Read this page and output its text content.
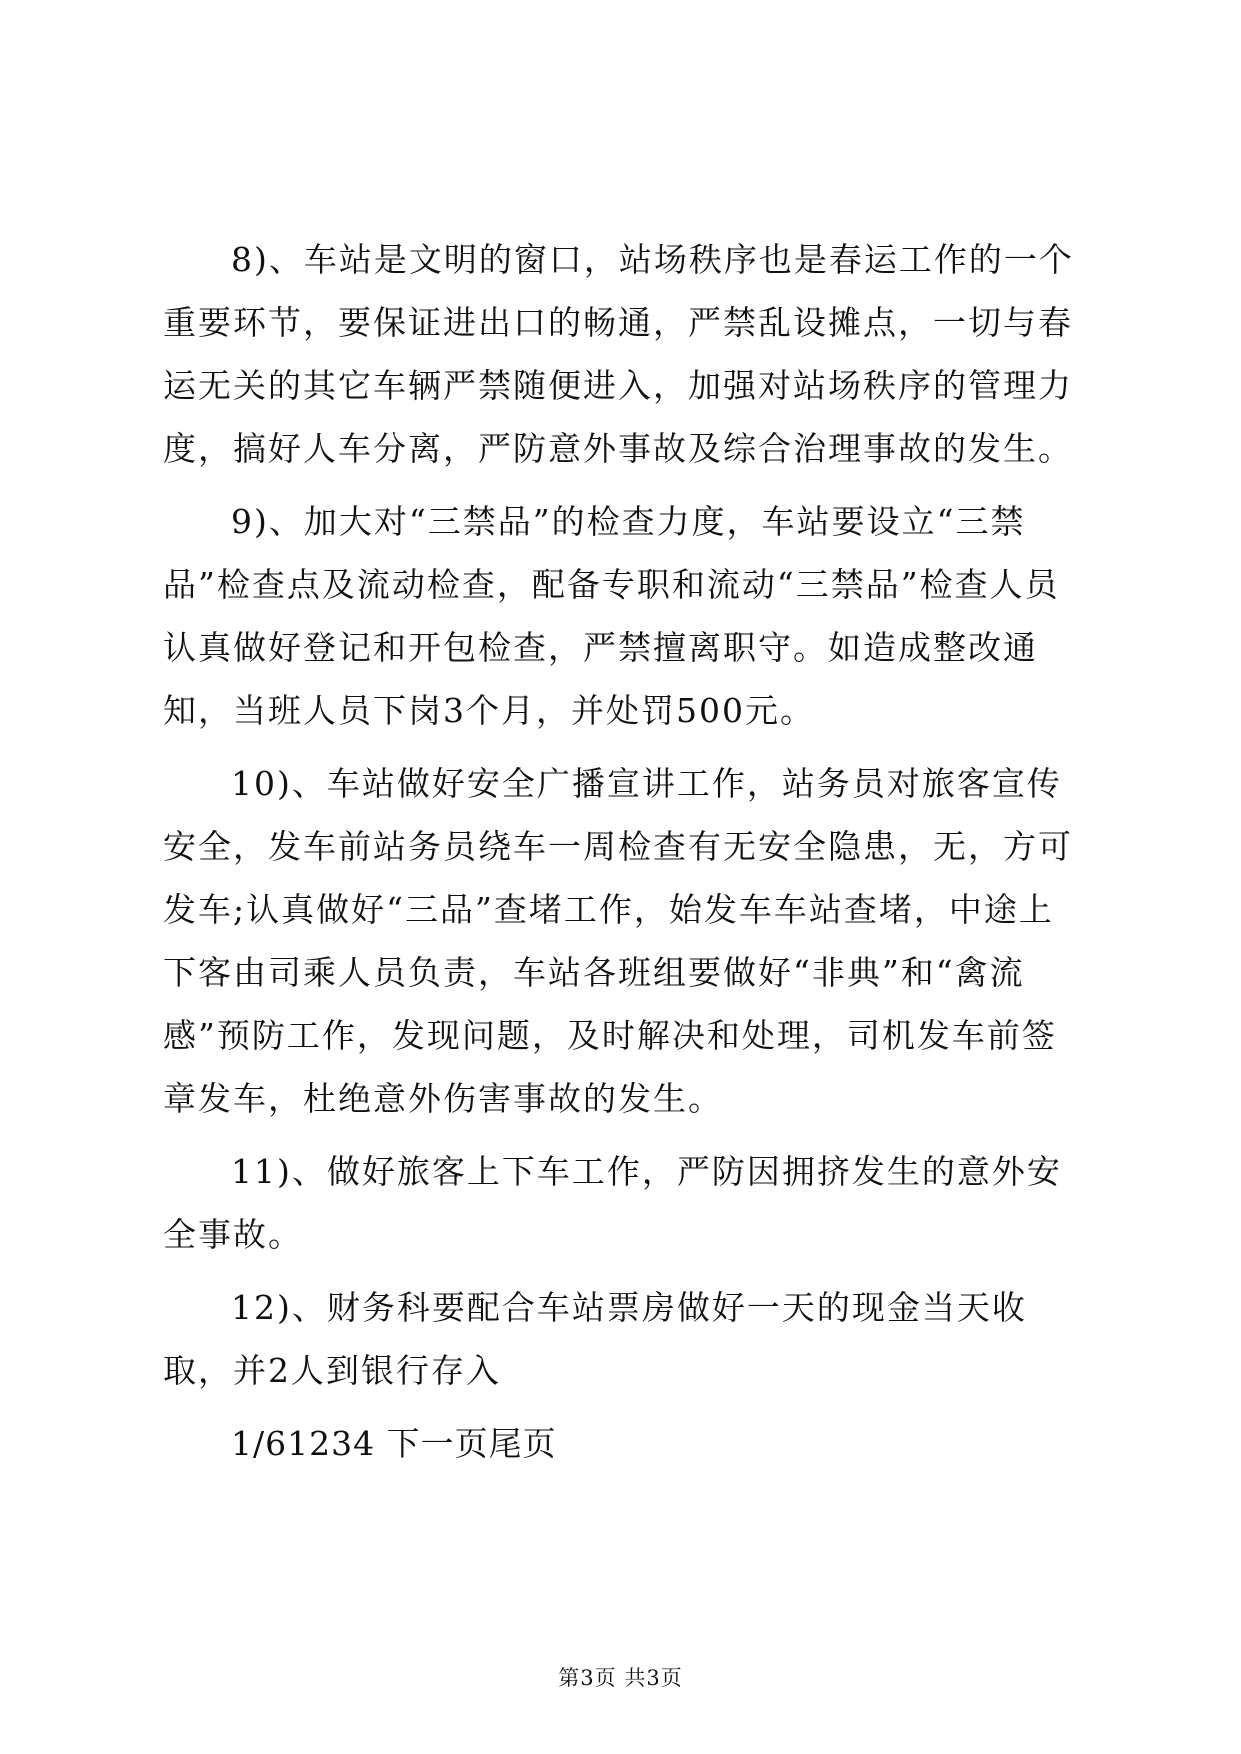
8)、车站是文明的窗口，站场秩序也是春运工作的一个重要环节，要保证进出口的畅通，严禁乱设摊点，一切与春运无关的其它车辆严禁随便进入，加强对站场秩序的管理力度，搞好人车分离，严防意外事故及综合治理事故的发生。

9)、加大对“三禁品”的检查力度，车站要设立“三禁品”检查点及流动检查，配备专职和流动“三禁品”检查人员认真做好登记和开包检查，严禁擅离职守。如造成整改通知，当班人员下岗3个月，并处罚500元。

10)、车站做好安全广播宣讲工作，站务员对旅客宣传安全，发车前站务员绕车一周检查有无安全隐患，无，方可发车;认真做好“三品”查堵工作，始发车车站查堵，中途上下客由司乘人员负责，车站各班组要做好“非典”和“禽流感”预防工作，发现问题，及时解决和处理，司机发车前签章发车，杜绝意外伤害事故的发生。

11)、做好旅客上下车工作，严防因拥挤发生的意外安全事故。

12)、财务科要配合车站票房做好一天的现金当天收取，并2人到银行存入

1/61234 下一页尾页

第3页 共3页
